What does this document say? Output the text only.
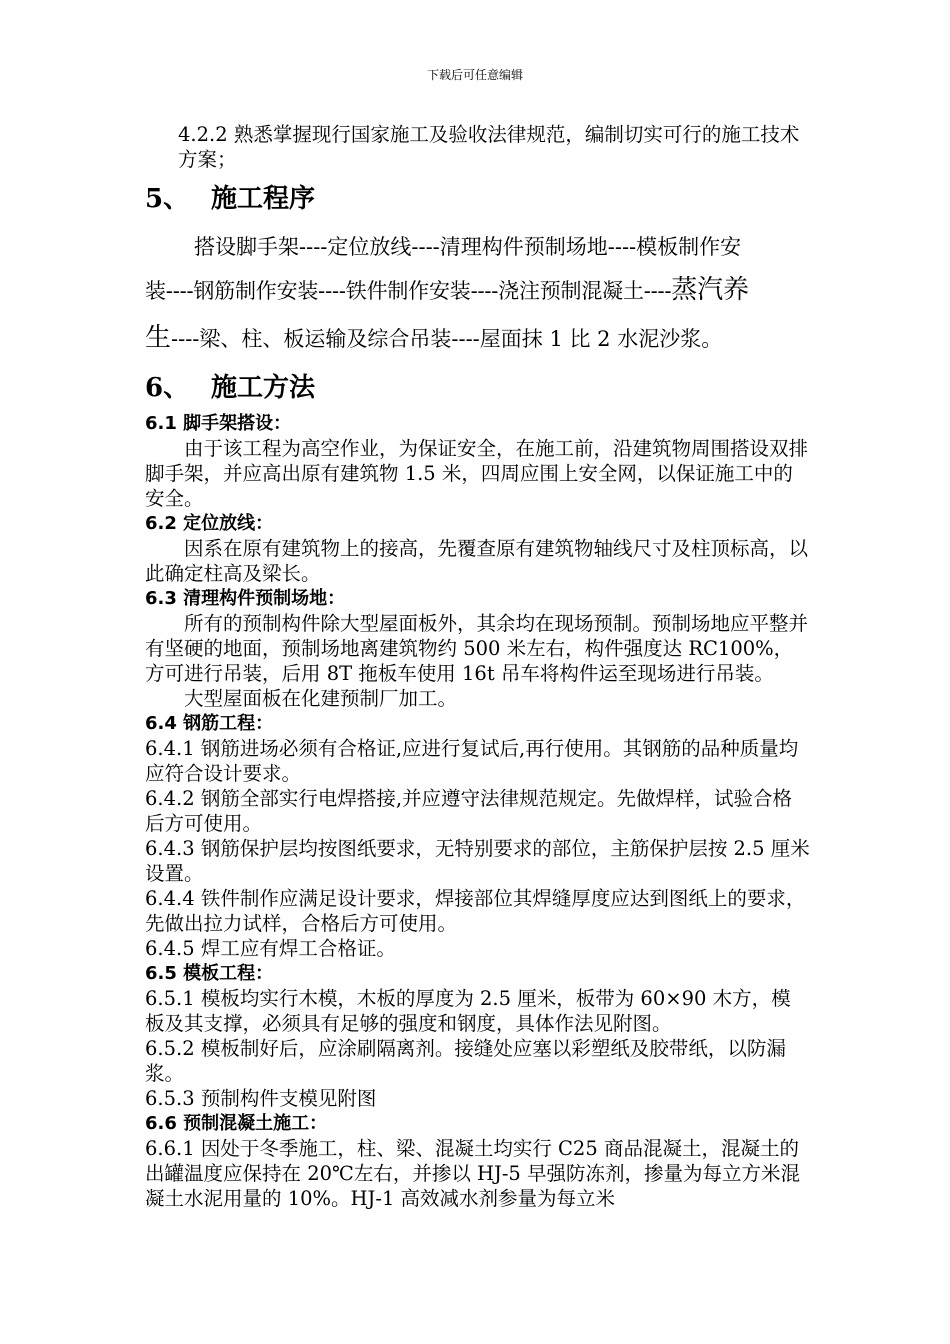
下载后可任意编辑

4.2.2 熟悉掌握现行国家施工及验收法律规范，编制切实可行的施工技术方案；

5、 施工程序

搭设脚手架----定位放线----清理构件预制场地----模板制作安

装----钢筋制作安装----铁件制作安装----浇注预制混凝土----蒸汽养

生----梁、柱、板运输及综合吊装----屋面抹 1 比 2 水泥沙浆。

6、 施工方法
6.1 脚手架搭设：

由于该工程为高空作业，为保证安全，在施工前，沿建筑物周围搭设双排脚手架，并应高出原有建筑物 1.5 米，四周应围上安全网，以保证施工中的安全。

6.2 定位放线：

因系在原有建筑物上的接高，先覆查原有建筑物轴线尺寸及柱顶标高，以此确定柱高及梁长。

6.3 清理构件预制场地：

所有的预制构件除大型屋面板外，其余均在现场预制。预制场地应平整并有坚硬的地面，预制场地离建筑物约 500 米左右，构件强度达 RC100%，方可进行吊装，后用 8T 拖板车使用 16t 吊车将构件运至现场进行吊装。

大型屋面板在化建预制厂加工。

6.4 钢筋工程：

6.4.1 钢筋进场必须有合格证,应进行复试后,再行使用。其钢筋的品种质量均应符合设计要求。

6.4.2 钢筋全部实行电焊搭接,并应遵守法律规范规定。先做焊样，试验合格后方可使用。

6.4.3 钢筋保护层均按图纸要求，无特别要求的部位，主筋保护层按 2.5 厘米设置。

6.4.4 铁件制作应满足设计要求，焊接部位其焊缝厚度应达到图纸上的要求，先做出拉力试样，合格后方可使用。

6.4.5 焊工应有焊工合格证。

6.5 模板工程：

6.5.1 模板均实行木模，木板的厚度为 2.5 厘米，板带为 60×90 木方，模板及其支撑，必须具有足够的强度和钢度，具体作法见附图。

6.5.2 模板制好后，应涂刷隔离剂。接缝处应塞以彩塑纸及胶带纸，以防漏浆。

6.5.3 预制构件支模见附图

6.6 预制混凝土施工：

6.6.1 因处于冬季施工，柱、梁、混凝土均实行 C25 商品混凝土，混凝土的出罐温度应保持在 20℃左右，并掺以 HJ-5 早强防冻剂，掺量为每立方米混凝土水泥用量的 10%。HJ-1 高效减水剂参量为每立米
